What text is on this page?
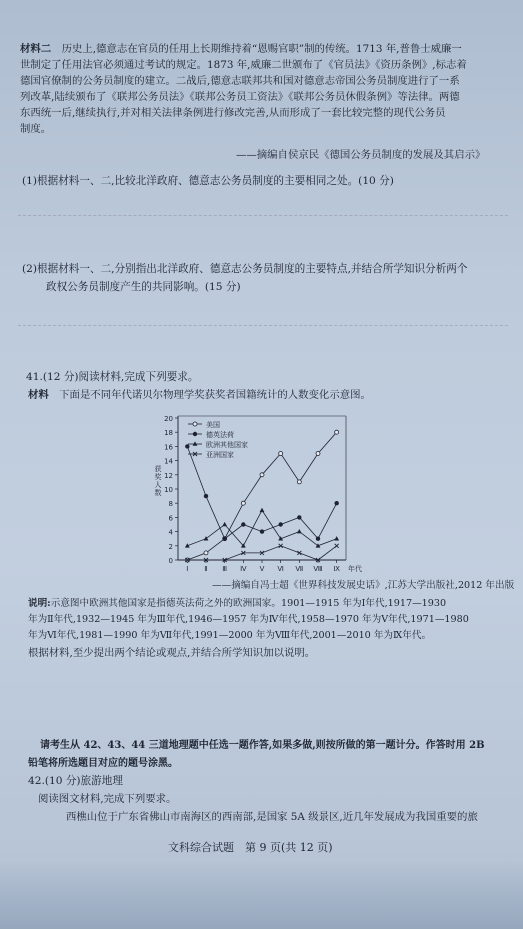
材料二　 历史上,德意志在官员的任用上长期维持着“恩赐官职”制的传统。1713 年,普鲁士威廉一
世制定了任用法官必须通过考试的规定。1873 年,威廉二世颁布了《官员法》《资历条例》,标志着
德国官僚制的公务员制度的建立。二战后,德意志联邦共和国对德意志帝国公务员制度进行了一系
列改革,陆续颁布了《联邦公务员法》《联邦公务员工资法》《联邦公务员休假条例》等法律。两德
东西统一后,继续执行,并对相关法律条例进行修改完善,从而形成了一套比较完整的现代公务员
制度。
——摘编自侯京民《德国公务员制度的发展及其启示》
(1)根据材料一、二,比较北洋政府、德意志公务员制度的主要相同之处。(10 分)
(2)根据材料一、二,分别指出北洋政府、德意志公务员制度的主要特点,并结合所学知识分析两个
政权公务员制度产生的共同影响。(15 分)
41.(12 分)阅读材料,完成下列要求。
材料　 下面是不同年代诺贝尔物理学奖获奖者国籍统计的人数变化示意图。
0
2
4
6
8
10
12
14
16
18
20
Ⅰ Ⅱ Ⅲ Ⅳ Ⅴ Ⅵ Ⅶ Ⅷ Ⅸ 年代
获奖人数
美国
德英法荷
欧洲其他国家
亚洲国家
——摘编自冯士超《世界科技发展史话》,江苏大学出版社,2012 年出版
说明:示意图中欧洲其他国家是指德英法荷之外的欧洲国家。1901—1915 年为Ⅰ年代,1917—1930
年为Ⅱ年代,1932—1945 年为Ⅲ年代,1946—1957 年为Ⅳ年代,1958—1970 年为Ⅴ年代,1971—1980
年为Ⅵ年代,1981—1990 年为Ⅶ年代,1991—2000 年为Ⅷ年代,2001—2010 年为Ⅸ年代。
根据材料,至少提出两个结论或观点,并结合所学知识加以说明。
请考生从 42、43、44 三道地理题中任选一题作答,如果多做,则按所做的第一题计分。作答时用 2B
铅笔将所选题目对应的题号涂黑。
42.(10 分)旅游地理
阅读图文材料,完成下列要求。
西樵山位于广东省佛山市南海区的西南部,是国家 5A 级景区,近几年发展成为我国重要的旅
文科综合试题　第 9 页(共 12 页)
